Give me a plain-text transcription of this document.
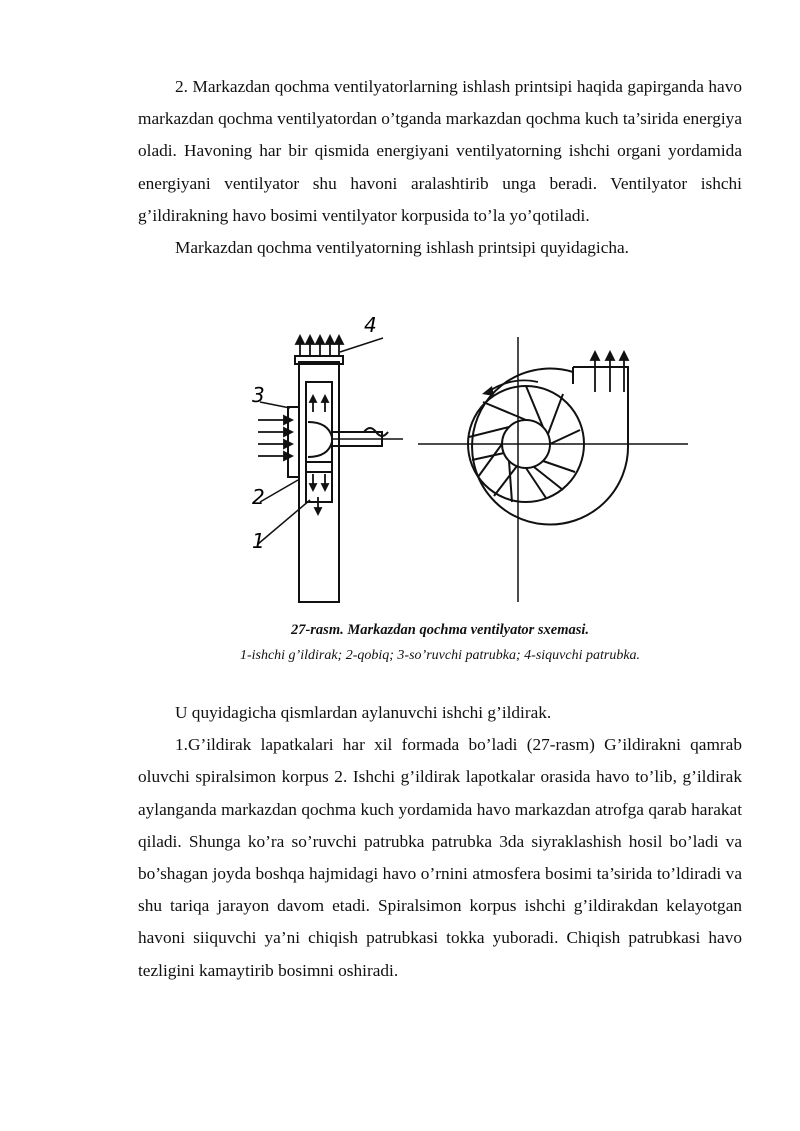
2. Markazdan qochma ventilyatorlarning ishlash printsipi haqida gapirganda havo markazdan qochma ventilyatordan o’tganda markazdan qochma kuch ta’sirida energiya oladi. Havoning har bir qismida energiyani ventilyatorning ishchi organi yordamida energiyani ventilyator shu havoni aralashtirib unga beradi. Ventilyator ishchi g’ildirakning havo bosimi ventilyator korpusida to’la yo’qotiladi.

Markazdan qochma ventilyatorning ishlash printsipi quyidagicha.

4
3
2
1
27-rasm. Markazdan qochma ventilyator sxemasi.
1-ishchi g’ildirak; 2-qobiq; 3-so’ruvchi patrubka; 4-siquvchi patrubka.

U quyidagicha qismlardan aylanuvchi ishchi g’ildirak.

1.G’ildirak lapatkalari har xil formada bo’ladi (27-rasm) G’ildirakni qamrab oluvchi spiralsimon korpus 2. Ishchi g’ildirak lapotkalar orasida havo to’lib, g’ildirak aylanganda markazdan qochma kuch yordamida havo markazdan atrofga qarab harakat qiladi. Shunga ko’ra so’ruvchi patrubka patrubka 3da siyraklashish hosil bo’ladi va bo’shagan joyda boshqa hajmidagi havo o’rnini atmosfera bosimi ta’sirida to’ldiradi va shu tariqa jarayon davom etadi. Spiralsimon korpus ishchi g’ildirakdan kelayotgan havoni siiquvchi ya’ni chiqish patrubkasi tokka yuboradi. Chiqish patrubkasi havo tezligini kamaytirib bosimni oshiradi.
